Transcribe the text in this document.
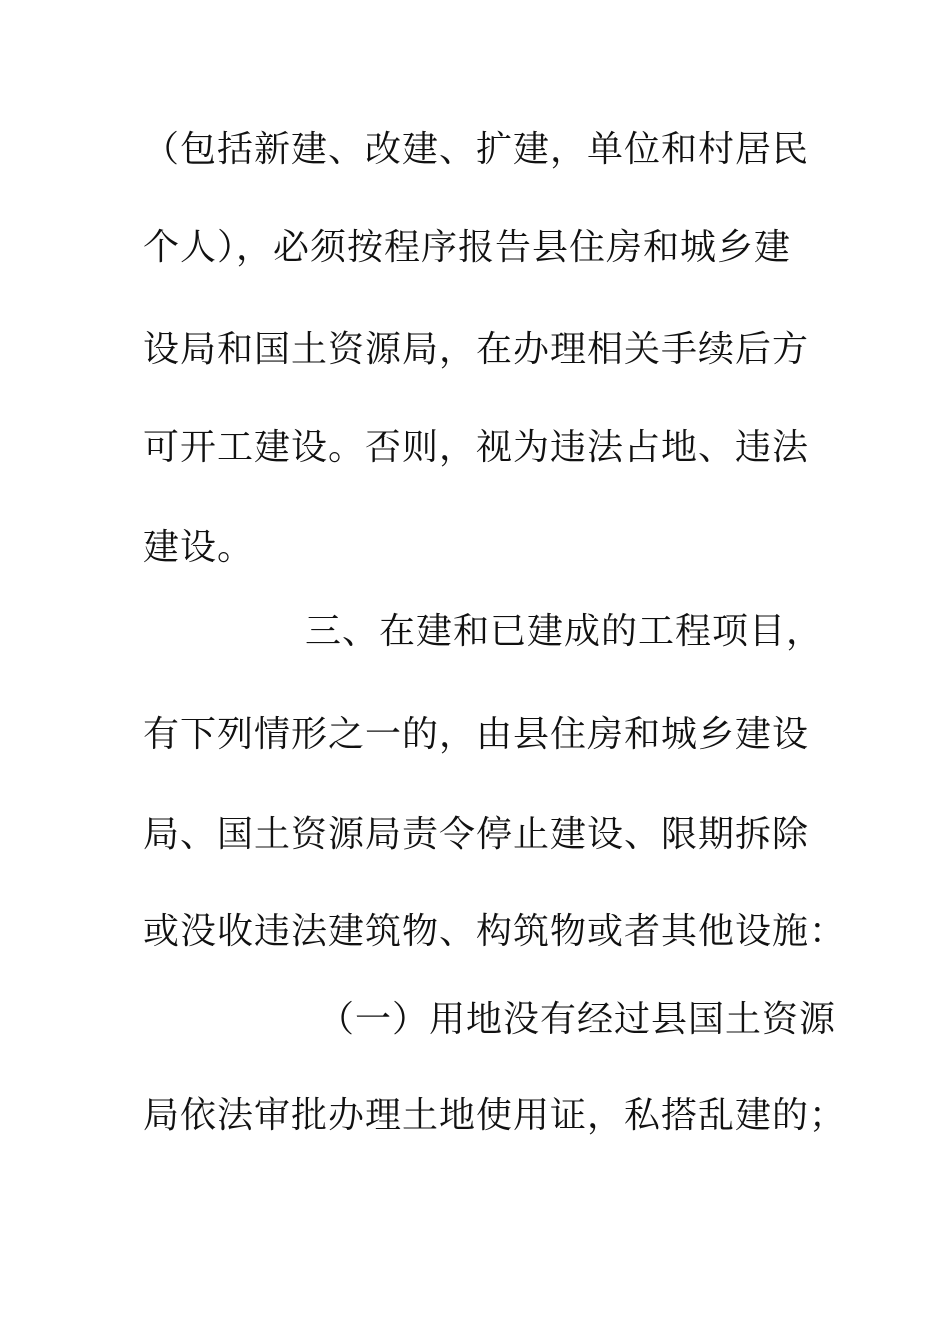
（包括新建、改建、扩建，单位和村居民
个人），必须按程序报告县住房和城乡建
设局和国土资源局，在办理相关手续后方
可开工建设。否则，视为违法占地、违法
建设。
三、在建和已建成的工程项目，
有下列情形之一的，由县住房和城乡建设
局、国土资源局责令停止建设、限期拆除
或没收违法建筑物、构筑物或者其他设施：
（一）用地没有经过县国土资源
局依法审批办理土地使用证，私搭乱建的；
